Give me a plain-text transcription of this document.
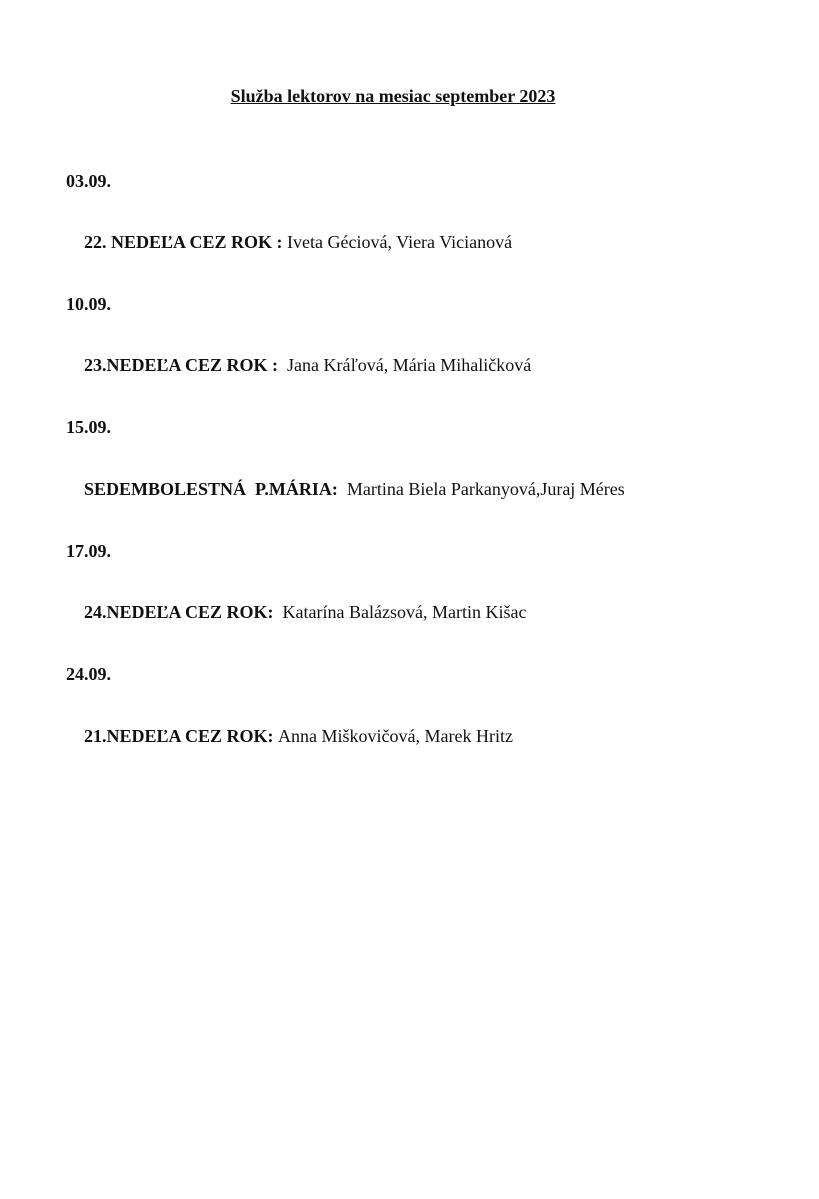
Služba lektorov na mesiac september 2023
03.09.

22. NEDEĽA CEZ ROK : Iveta Géciová, Viera Vicianová

10.09.

23.NEDEĽA CEZ ROK :  Jana Kráľová, Mária Mihaličková

15.09.

SEDEMBOLESTNÁ  P.MÁRIA:  Martina Biela Parkanyová,Juraj Méres

17.09.

24.NEDEĽA CEZ ROK:  Katarína Balázsová, Martin Kišac

24.09.

21.NEDEĽA CEZ ROK: Anna Miškovičová, Marek Hritz
